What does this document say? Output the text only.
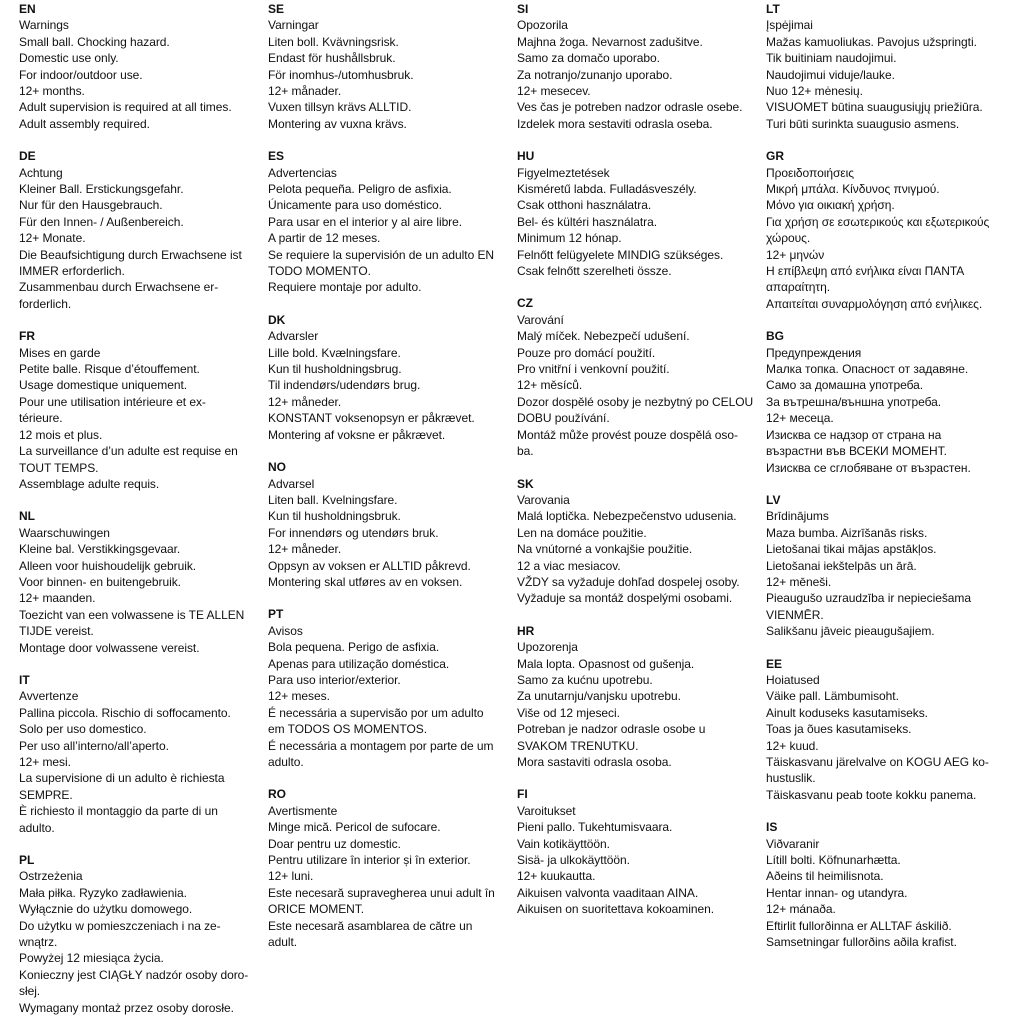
EN
Warnings
Small ball. Chocking hazard.
Domestic use only.
For indoor/outdoor use.
12+ months.
Adult supervision is required at all times.
Adult assembly required.
DE
Achtung
Kleiner Ball. Erstickungsgefahr.
Nur für den Hausgebrauch.
Für den Innen- / Außenbereich.
12+ Monate.
Die Beaufsichtigung durch Erwachsene ist
IMMER erforderlich.
Zusammenbau durch Erwachsene er-
forderlich.
FR
Mises en garde
Petite balle. Risque d’étouffement.
Usage domestique uniquement.
Pour une utilisation intérieure et ex-
térieure.
12 mois et plus.
La surveillance d’un adulte est requise en
TOUT TEMPS.
Assemblage adulte requis.
NL
Waarschuwingen
Kleine bal. Verstikkingsgevaar.
Alleen voor huishoudelijk gebruik.
Voor binnen- en buitengebruik.
12+ maanden.
Toezicht van een volwassene is TE ALLEN
TIJDE vereist.
Montage door volwassene vereist.
IT
Avvertenze
Pallina piccola. Rischio di soffocamento.
Solo per uso domestico.
Per uso all’interno/all’aperto.
12+ mesi.
La supervisione di un adulto è richiesta
SEMPRE.
È richiesto il montaggio da parte di un
adulto.
PL
Ostrzeżenia
Mała piłka. Ryzyko zadławienia.
Wyłącznie do użytku domowego.
Do użytku w pomieszczeniach i na ze-
wnątrz.
Powyżej 12 miesiąca życia.
Konieczny jest CIĄGŁY nadzór osoby doro-
słej.
Wymagany montaż przez osoby dorosłe.
SE
Varningar
Liten boll. Kvävningsrisk.
Endast för hushållsbruk.
För inomhus-/utomhusbruk.
12+ månader.
Vuxen tillsyn krävs ALLTID.
Montering av vuxna krävs.
ES
Advertencias
Pelota pequeña. Peligro de asfixia.
Únicamente para uso doméstico.
Para usar en el interior y al aire libre.
A partir de 12 meses.
Se requiere la supervisión de un adulto EN
TODO MOMENTO.
Requiere montaje por adulto.
DK
Advarsler
Lille bold. Kvælningsfare.
Kun til husholdningsbrug.
Til indendørs/udendørs brug.
12+ måneder.
KONSTANT voksenopsyn er påkrævet.
Montering af voksne er påkrævet.
NO
Advarsel
Liten ball. Kvelningsfare.
Kun til husholdningsbruk.
For innendørs og utendørs bruk.
12+ måneder.
Oppsyn av voksen er ALLTID påkrevd.
Montering skal utføres av en voksen.
PT
Avisos
Bola pequena. Perigo de asfixia.
Apenas para utilização doméstica.
Para uso interior/exterior.
12+ meses.
É necessária a supervisão por um adulto
em TODOS OS MOMENTOS.
É necessária a montagem por parte de um
adulto.
RO
Avertismente
Minge mică. Pericol de sufocare.
Doar pentru uz domestic.
Pentru utilizare în interior și în exterior.
12+ luni.
Este necesară supravegherea unui adult în
ORICE MOMENT.
Este necesară asamblarea de către un
adult.
SI
Opozorila
Majhna žoga. Nevarnost zadušitve.
Samo za domačo uporabo.
Za notranjo/zunanjo uporabo.
12+ mesecev.
Ves čas je potreben nadzor odrasle osebe.
Izdelek mora sestaviti odrasla oseba.
HU
Figyelmeztetések
Kisméretű labda. Fulladásveszély.
Csak otthoni használatra.
Bel- és kültéri használatra.
Minimum 12 hónap.
Felnőtt felügyelete MINDIG szükséges.
Csak felnőtt szerelheti össze.
CZ
Varování
Malý míček. Nebezpečí udušení.
Pouze pro domácí použití.
Pro vnitřní i venkovní použití.
12+ měsíců.
Dozor dospělé osoby je nezbytný po CELOU
DOBU používání.
Montáž může provést pouze dospělá oso-
ba.
SK
Varovania
Malá loptička. Nebezpečenstvo udusenia.
Len na domáce použitie.
Na vnútorné a vonkajšie použitie.
12 a viac mesiacov.
VŽDY sa vyžaduje dohľad dospelej osoby.
Vyžaduje sa montáž dospelými osobami.
HR
Upozorenja
Mala lopta. Opasnost od gušenja.
Samo za kućnu upotrebu.
Za unutarnju/vanjsku upotrebu.
Više od 12 mjeseci.
Potreban je nadzor odrasle osobe u
SVAKOM TRENUTKU.
Mora sastaviti odrasla osoba.
FI
Varoitukset
Pieni pallo. Tukehtumisvaara.
Vain kotikäyttöön.
Sisä- ja ulkokäyttöön.
12+ kuukautta.
Aikuisen valvonta vaaditaan AINA.
Aikuisen on suoritettava kokoaminen.
LT
Įspėjimai
Mažas kamuoliukas. Pavojus užspringti.
Tik buitiniam naudojimui.
Naudojimui viduje/lauke.
Nuo 12+ mėnesių.
VISUOMET būtina suaugusiųjų priežiūra.
Turi būti surinkta suaugusio asmens.
GR
Προειδοποιήσεις
Μικρή μπάλα. Κίνδυνος πνιγμού.
Μόνο για οικιακή χρήση.
Για χρήση σε εσωτερικούς και εξωτερικούς
χώρους.
12+ μηνών
Η επίβλεψη από ενήλικα είναι ΠΑΝΤΑ
απαραίτητη.
Απαιτείται συναρμολόγηση από ενήλικες.
BG
Предупреждения
Малка топка. Опасност от задавяне.
Само за домашна употреба.
За вътрешна/външна употреба.
12+ месеца.
Изисква се надзор от страна на
възрастни във ВСЕКИ МОМЕНТ.
Изисква се сглобяване от възрастен.
LV
Brīdinājums
Maza bumba. Aizrīšanās risks.
Lietošanai tikai mājas apstākļos.
Lietošanai iekštelpās un ārā.
12+ mēneši.
Pieaugušo uzraudzība ir nepieciešama
VIENMĒR.
Salikšanu jāveic pieaugušajiem.
EE
Hoiatused
Väike pall. Lämbumisoht.
Ainult koduseks kasutamiseks.
Toas ja õues kasutamiseks.
12+ kuud.
Täiskasvanu järelvalve on KOGU AEG ko-
hustuslik.
Täiskasvanu peab toote kokku panema.
IS
Viðvaranir
Lítill bolti. Köfnunarhætta.
Aðeins til heimilisnota.
Hentar innan- og utandyra.
12+ mánaða.
Eftirlit fullorðinna er ALLTAF áskilið.
Samsetningar fullorðins aðila krafist.
